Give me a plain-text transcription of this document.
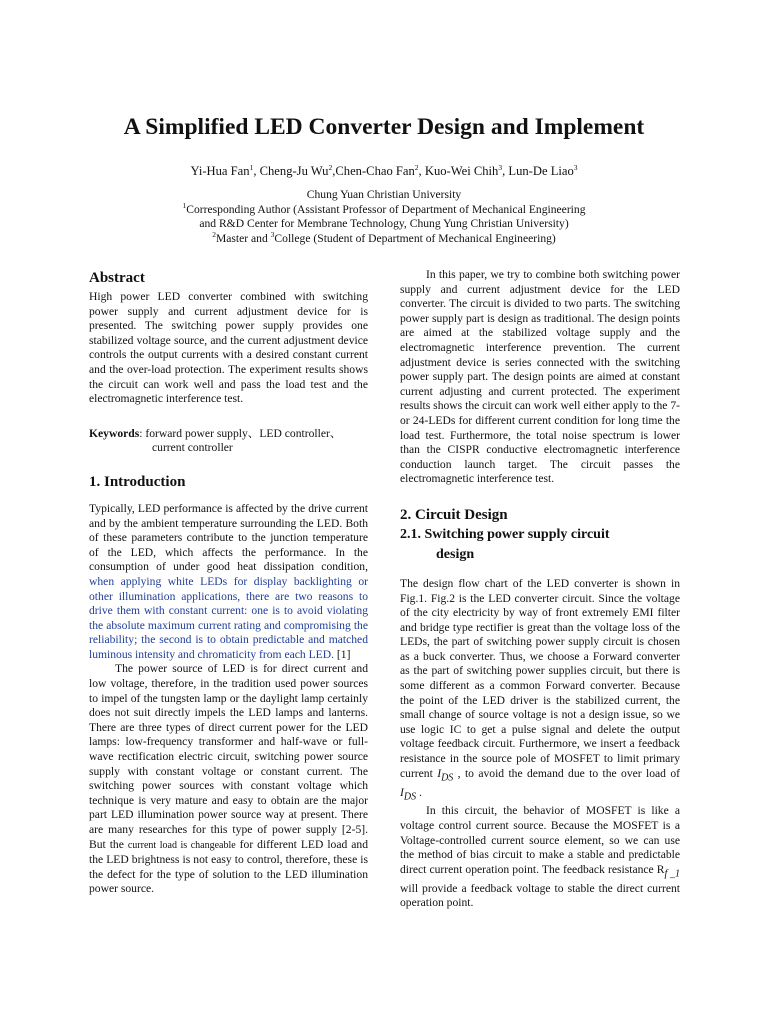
A Simplified LED Converter Design and Implement
Yi-Hua Fan$^1$, Cheng-Ju Wu$^2$,Chen-Chao Fan$^2$, Kuo-Wei Chih$^3$, Lun-De Liao$^3$
Chung Yuan Christian University
$^1$Corresponding Author (Assistant Professor of Department of Mechanical Engineering
and R&D Center for Membrane Technology, Chung Yung Christian University)
$^2$Master and $^3$College (Student of Department of Mechanical Engineering)
Abstract

High power LED converter combined with switching power supply and current adjustment device for is presented. The switching power supply provides one stabilized voltage source, and the current adjustment device controls the output currents with a desired constant current and the over-load protection. The experiment results shows the circuit can work well and pass the load test and the electromagnetic interference test.

Keywords: forward power supply、LED controller、

current controller

1. Introduction

Typically, LED performance is affected by the drive current and by the ambient temperature surrounding the LED. Both of these parameters contribute to the junction temperature of the LED, which affects the performance. In the consumption of under good heat dissipation condition, when applying white LEDs for display backlighting or other illumination applications, there are two reasons to drive them with constant current: one is to avoid violating the absolute maximum current rating and compromising the reliability; the second is to obtain predictable and matched luminous intensity and chromaticity from each LED. [1]

The power source of LED is for direct current and low voltage, therefore, in the tradition used power sources to impel of the tungsten lamp or the daylight lamp certainly does not suit directly impels the LED lamps and lanterns. There are three types of direct current power for the LED lamps: low-frequency transformer and half-wave or full-wave rectification electric circuit, switching power source supply with constant voltage or constant current. The switching power sources with constant voltage which technique is very mature and easy to obtain are the major part LED illumination power source way at present. There are many researches for this type of power supply [2-5]. But the current load is changeable for different LED load and the LED brightness is not easy to control, therefore, these is the defect for the type of solution to the LED illumination power source.

In this paper, we try to combine both switching power supply and current adjustment device for the LED converter. The circuit is divided to two parts. The switching power supply part is design as traditional. The design points are aimed at the stabilized voltage supply and the electromagnetic interference prevention. The current adjustment device is series connected with the switching power supply part. The design points are aimed at constant current adjusting and current protected. The experiment results shows the circuit can work well either apply to the 7- or 24-LEDs for different current condition for long time the load test. Furthermore, the total noise spectrum is lower than the CISPR conductive electromagnetic interference conduction launch target. The circuit passes the electromagnetic interference test.

2. Circuit Design
2.1. Switching power supply circuit
design

The design flow chart of the LED converter is shown in Fig.1. Fig.2 is the LED converter circuit. Since the voltage of the city electricity by way of front extremely EMI filter and bridge type rectifier is great than the voltage loss of the LEDs, the part of switching power supply circuit is chosen as a buck converter. Thus, we choose a Forward converter as the part of switching power supplies circuit, but there is some different as a common Forward converter. Because the point of the LED driver is the stabilized current, the small change of source voltage is not a design issue, so we use logic IC to get a pulse signal and delete the output voltage feedback circuit. Furthermore, we insert a feedback resistance in the source pole of MOSFET to limit primary current $I_{DS}$ , to avoid the demand due to the over load of $I_{DS}$ .

In this circuit, the behavior of MOSFET is like a voltage control current source. Because the MOSFET is a Voltage-controlled current source element, so we can use the method of bias circuit to make a stable and predictable direct current operation point. The feedback resistance $R_{f \_1}$ will provide a feedback voltage to stable the direct current operation point.
